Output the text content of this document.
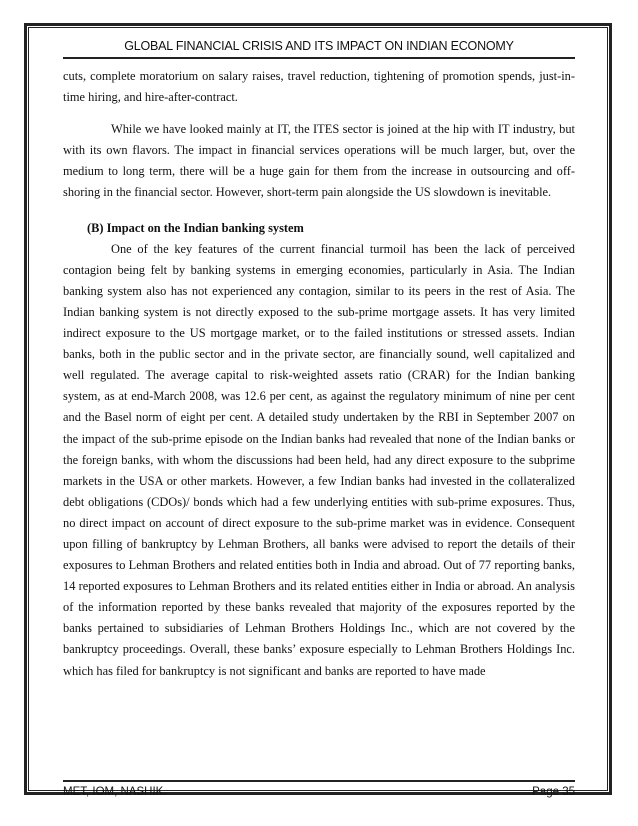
GLOBAL FINANCIAL CRISIS AND ITS IMPACT ON INDIAN ECONOMY

cuts, complete moratorium on salary raises, travel reduction, tightening of promotion spends, just-in-time hiring, and hire-after-contract.

While we have looked mainly at IT, the ITES sector is joined at the hip with IT industry, but with its own flavors. The impact in financial services operations will be much larger, but, over the medium to long term, there will be a huge gain for them from the increase in outsourcing and off-shoring in the financial sector. However, short-term pain alongside the US slowdown is inevitable.

(B) Impact on the Indian banking system

One of the key features of the current financial turmoil has been the lack of perceived contagion being felt by banking systems in emerging economies, particularly in Asia. The Indian banking system also has not experienced any contagion, similar to its peers in the rest of Asia. The Indian banking system is not directly exposed to the sub-prime mortgage assets. It has very limited indirect exposure to the US mortgage market, or to the failed institutions or stressed assets. Indian banks, both in the public sector and in the private sector, are financially sound, well capitalized and well regulated. The average capital to risk-weighted assets ratio (CRAR) for the Indian banking system, as at end-March 2008, was 12.6 per cent, as against the regulatory minimum of nine per cent and the Basel norm of eight per cent. A detailed study undertaken by the RBI in September 2007 on the impact of the sub-prime episode on the Indian banks had revealed that none of the Indian banks or the foreign banks, with whom the discussions had been held, had any direct exposure to the subprime markets in the USA or other markets. However, a few Indian banks had invested in the collateralized debt obligations (CDOs)/ bonds which had a few underlying entities with sub-prime exposures. Thus, no direct impact on account of direct exposure to the sub-prime market was in evidence. Consequent upon filling of bankruptcy by Lehman Brothers, all banks were advised to report the details of their exposures to Lehman Brothers and related entities both in India and abroad. Out of 77 reporting banks, 14 reported exposures to Lehman Brothers and its related entities either in India or abroad. An analysis of the information reported by these banks revealed that majority of the exposures reported by the banks pertained to subsidiaries of Lehman Brothers Holdings Inc., which are not covered by the bankruptcy proceedings. Overall, these banks’ exposure especially to Lehman Brothers Holdings Inc. which has filed for bankruptcy is not significant and banks are reported to have made

MET, IOM, NASHIK.	Page 35
